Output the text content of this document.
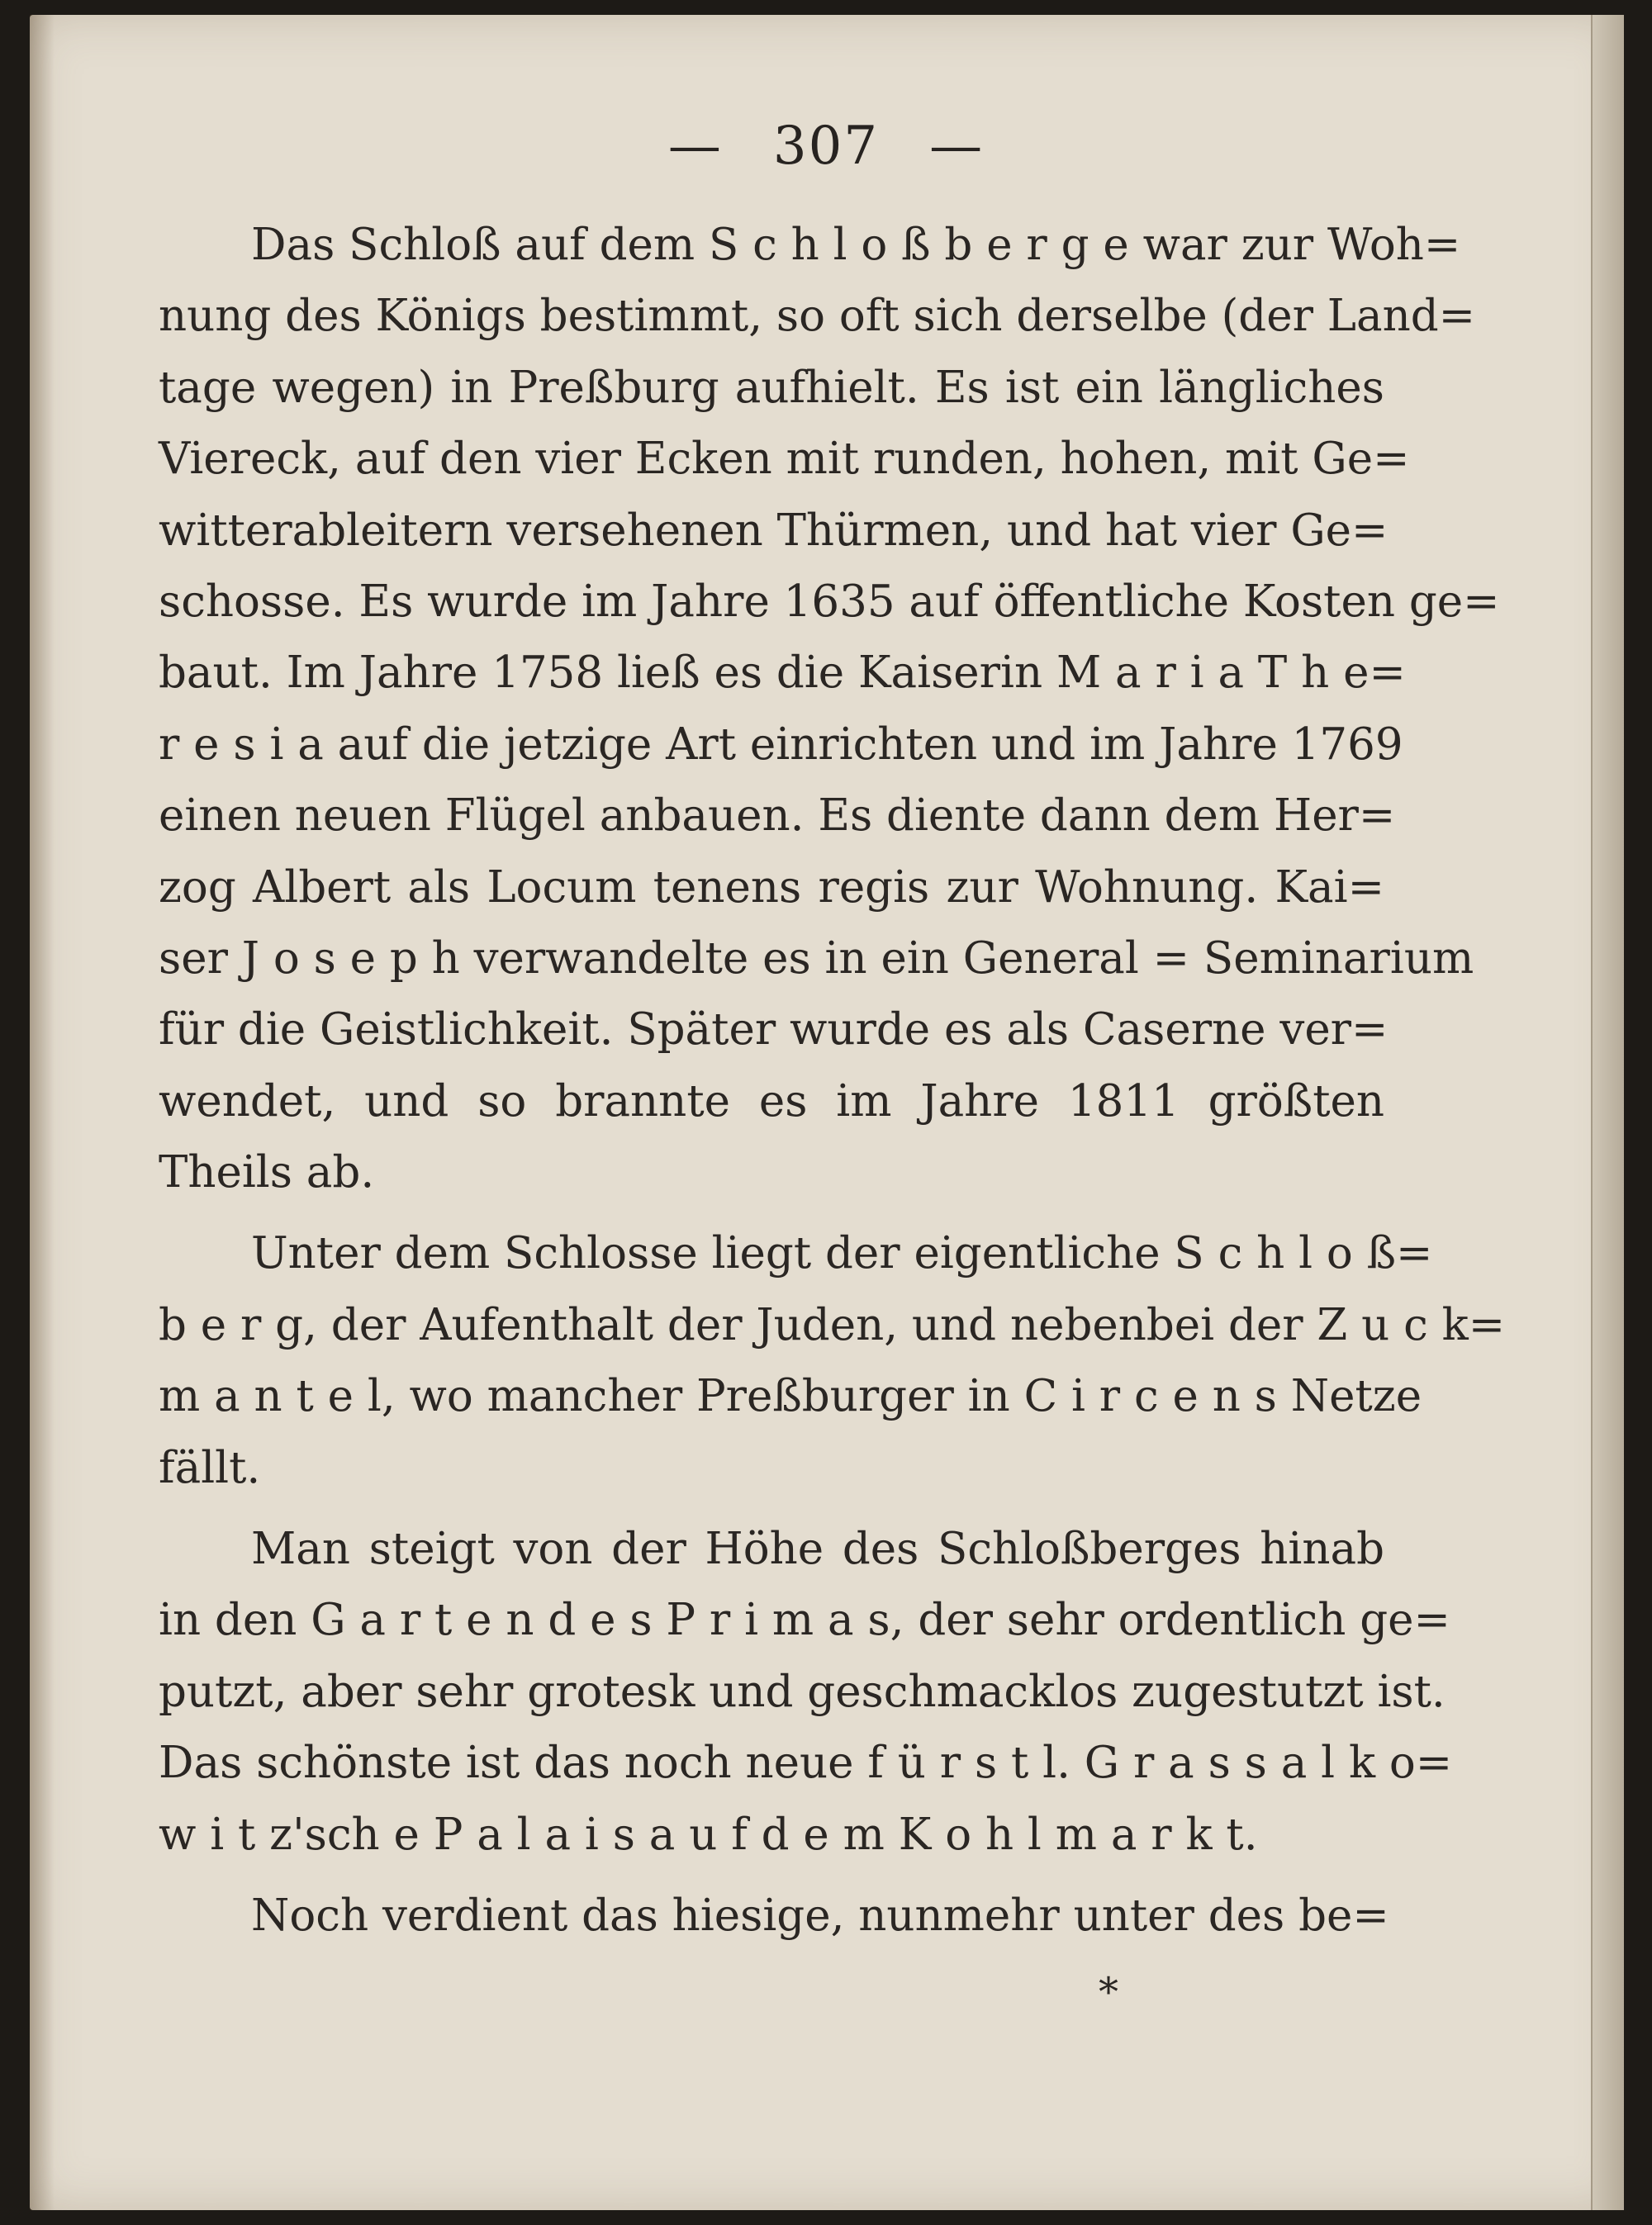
— 307 —
Das Schloß auf dem S c h l o ß b e r g e war zur Woh=
nung des Königs bestimmt, so oft sich derselbe (der Land=
tage wegen) in Preßburg aufhielt. Es ist ein längliches
Viereck, auf den vier Ecken mit runden, hohen, mit Ge=
witterableitern versehenen Thürmen, und hat vier Ge=
schosse. Es wurde im Jahre 1635 auf öffentliche Kosten ge=
baut. Im Jahre 1758 ließ es die Kaiserin M a r i a T h e=
r e s i a auf die jetzige Art einrichten und im Jahre 1769
einen neuen Flügel anbauen. Es diente dann dem Her=
zog Albert als Locum tenens regis zur Wohnung. Kai=
ser J o s e p h verwandelte es in ein General = Seminarium
für die Geistlichkeit. Später wurde es als Caserne ver=
wendet, und so brannte es im Jahre 1811 größten
Theils ab.
Unter dem Schlosse liegt der eigentliche S c h l o ß=
b e r g, der Aufenthalt der Juden, und nebenbei der Z u c k=
m a n t e l, wo mancher Preßburger in C i r c e n s Netze
fällt.
Man steigt von der Höhe des Schloßberges hinab
in den G a r t e n d e s P r i m a s, der sehr ordentlich ge=
putzt, aber sehr grotesk und geschmacklos zugestutzt ist.
Das schönste ist das noch neue f ü r s t l. G r a s s a l k o=
w i t z'sch e P a l a i s a u f d e m K o h l m a r k t.
Noch verdient das hiesige, nunmehr unter des be=
*
